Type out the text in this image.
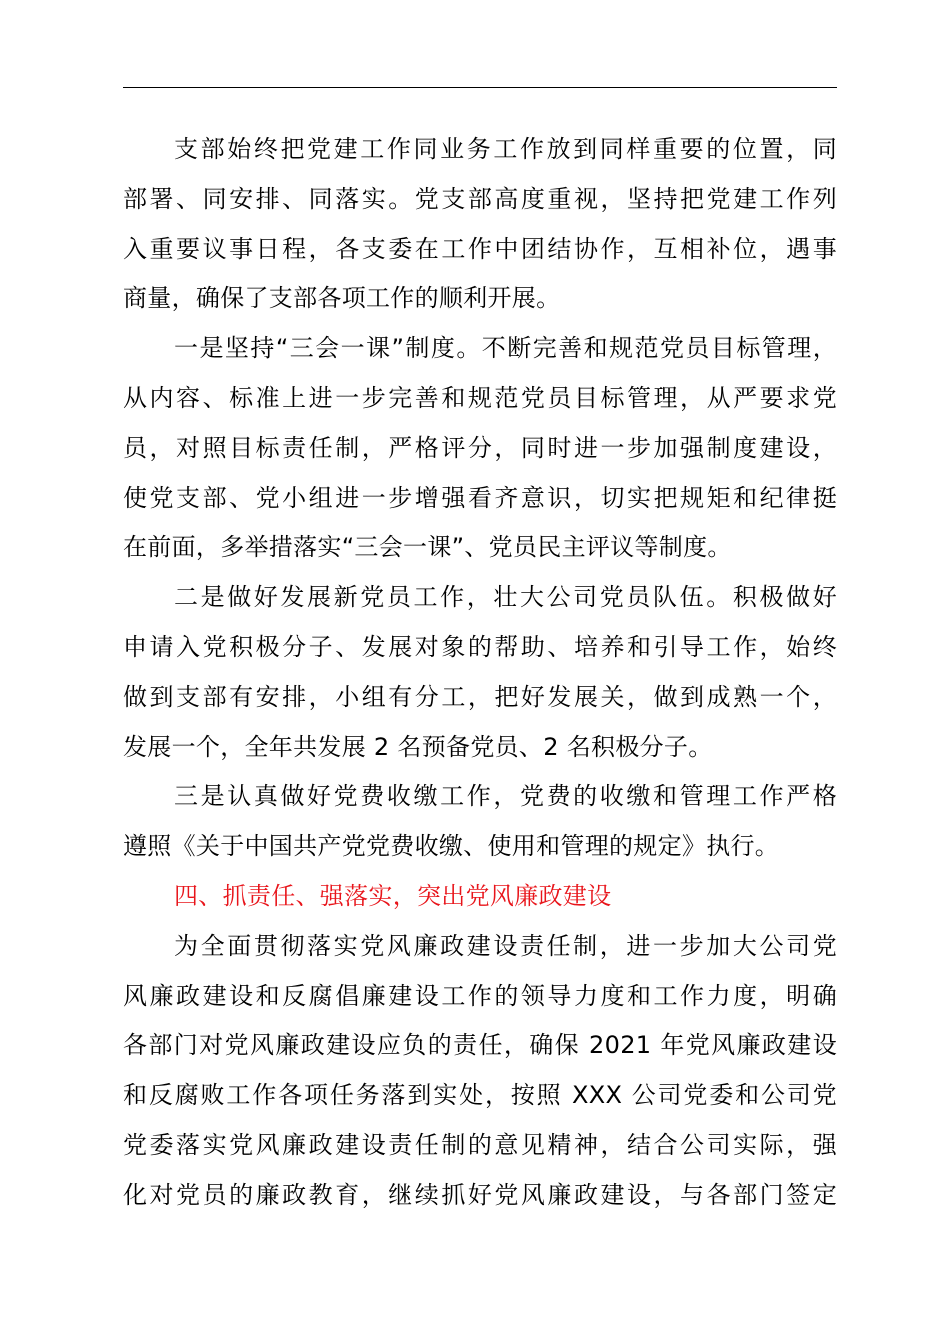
支部始终把党建工作同业务工作放到同样重要的位置，同
部署、同安排、同落实。党支部高度重视，坚持把党建工作列
入重要议事日程，各支委在工作中团结协作，互相补位，遇事
商量，确保了支部各项工作的顺利开展。
一是坚持“三会一课”制度。不断完善和规范党员目标管理，
从内容、标准上进一步完善和规范党员目标管理，从严要求党
员，对照目标责任制，严格评分，同时进一步加强制度建设，
使党支部、党小组进一步增强看齐意识，切实把规矩和纪律挺
在前面，多举措落实“三会一课”、党员民主评议等制度。
二是做好发展新党员工作，壮大公司党员队伍。积极做好
申请入党积极分子、发展对象的帮助、培养和引导工作，始终
做到支部有安排，小组有分工，把好发展关，做到成熟一个，
发展一个，全年共发展 2 名预备党员、2 名积极分子。
三是认真做好党费收缴工作，党费的收缴和管理工作严格
遵照《关于中国共产党党费收缴、使用和管理的规定》执行。
四、抓责任、强落实，突出党风廉政建设
为全面贯彻落实党风廉政建设责任制，进一步加大公司党
风廉政建设和反腐倡廉建设工作的领导力度和工作力度，明确
各部门对党风廉政建设应负的责任，确保 2021 年党风廉政建设
和反腐败工作各项任务落到实处，按照 XXX 公司党委和公司党
党委落实党风廉政建设责任制的意见精神，结合公司实际，强
化对党员的廉政教育，继续抓好党风廉政建设，与各部门签定
